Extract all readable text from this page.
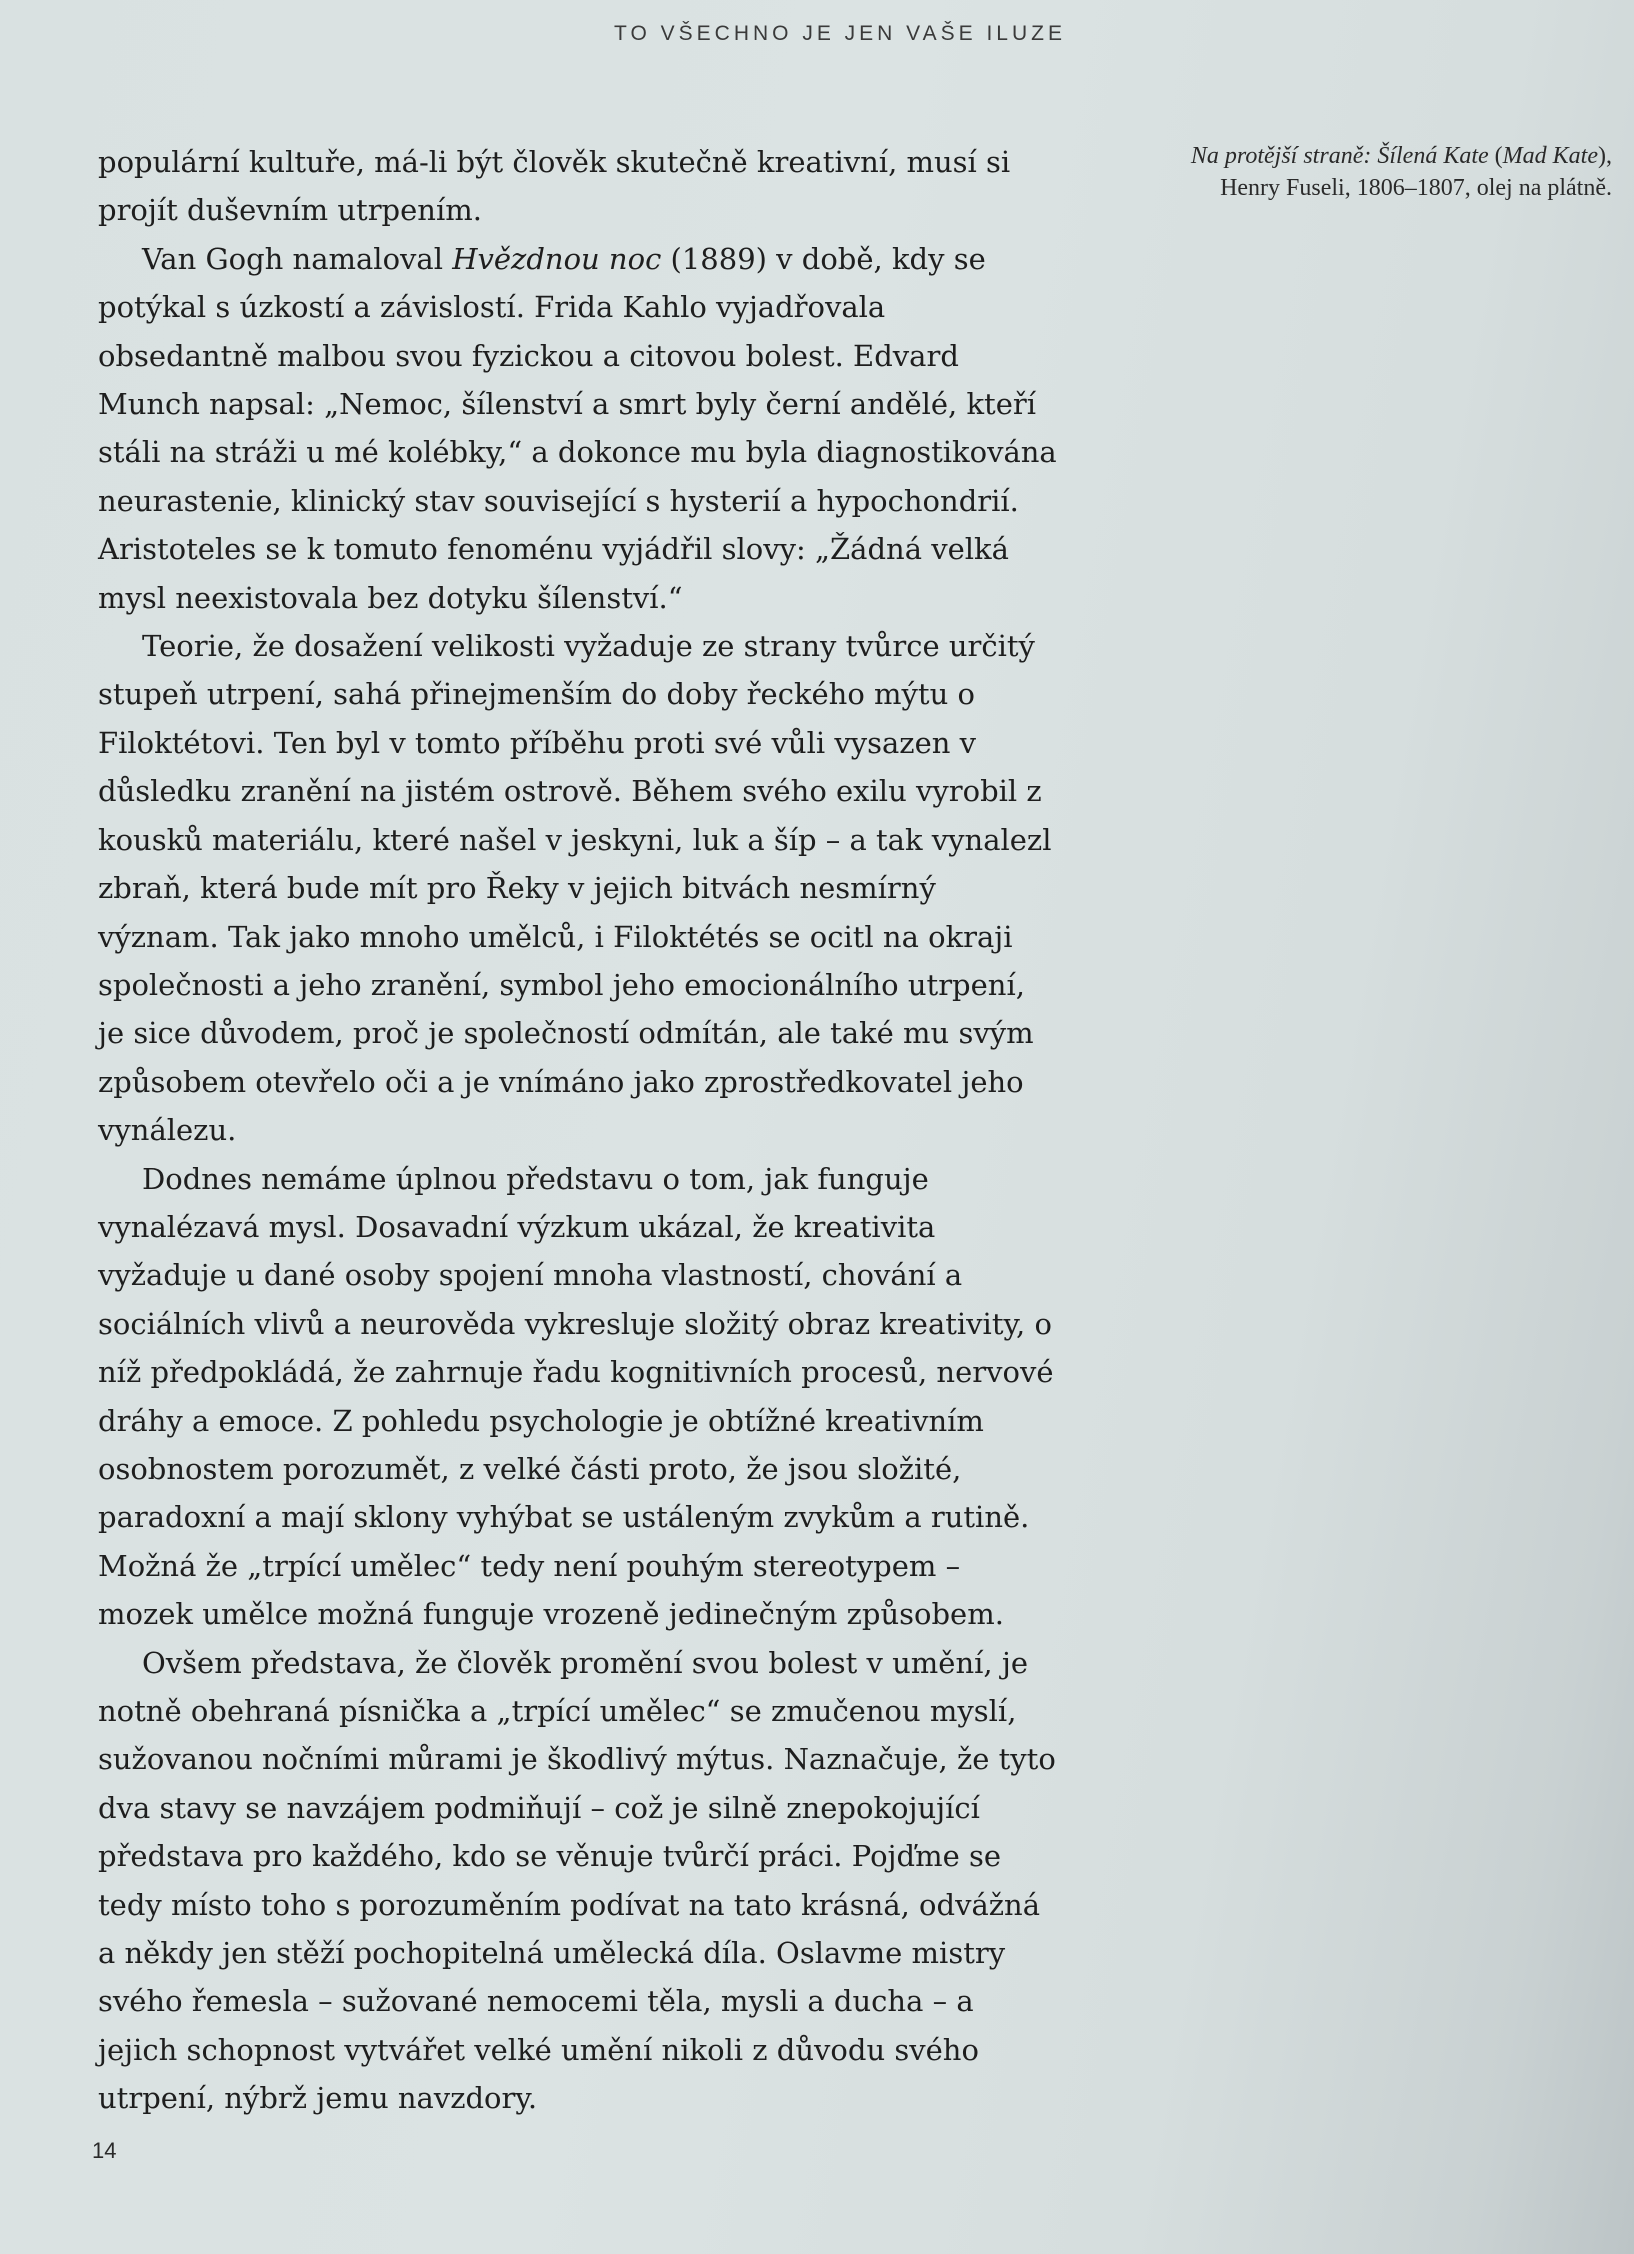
TO VŠECHNO JE JEN VAŠE ILUZE
Na protější straně: Šílená Kate (Mad Kate),
Henry Fuseli, 1806–1807, olej na plátně.

populární kultuře, má-li být člověk skutečně kreativní, musí si projít duševním utrpením.

Van Gogh namaloval Hvězdnou noc (1889) v době, kdy se potýkal s úzkostí a závislostí. Frida Kahlo vyjadřovala obsedantně malbou svou fyzickou a citovou bolest. Edvard Munch napsal: „Nemoc, šílenství a smrt byly černí andělé, kteří stáli na stráži u mé kolébky,“ a dokonce mu byla diagnostikována neurastenie, klinický stav související s hysterií a hypochondrií. Aristoteles se k tomuto fenoménu vyjádřil slovy: „Žádná velká mysl neexistovala bez dotyku šílenství.“

Teorie, že dosažení velikosti vyžaduje ze strany tvůrce určitý stupeň utrpení, sahá přinejmenším do doby řeckého mýtu o Filoktétovi. Ten byl v tomto příběhu proti své vůli vysazen v důsledku zranění na jistém ostrově. Během svého exilu vyrobil z kousků materiálu, které našel v jeskyni, luk a šíp – a tak vynalezl zbraň, která bude mít pro Řeky v jejich bitvách nesmírný význam. Tak jako mnoho umělců, i Filoktétés se ocitl na okraji společnosti a jeho zranění, symbol jeho emocionálního utrpení, je sice důvodem, proč je společností odmítán, ale také mu svým způsobem otevřelo oči a je vnímáno jako zprostředkovatel jeho vynálezu.

Dodnes nemáme úplnou představu o tom, jak funguje vynalézavá mysl. Dosavadní výzkum ukázal, že kreativita vyžaduje u dané osoby spojení mnoha vlastností, chování a sociálních vlivů a neurověda vykresluje složitý obraz kreativity, o níž předpokládá, že zahrnuje řadu kognitivních procesů, nervové dráhy a emoce. Z pohledu psychologie je obtížné kreativním osobnostem porozumět, z velké části proto, že jsou složité, paradoxní a mají sklony vyhýbat se ustáleným zvykům a rutině. Možná že „trpící umělec“ tedy není pouhým stereotypem – mozek umělce možná funguje vrozeně jedinečným způsobem.

Ovšem představa, že člověk promění svou bolest v umění, je notně obehraná písnička a „trpící umělec“ se zmučenou myslí, sužovanou nočními můrami je škodlivý mýtus. Naznačuje, že tyto dva stavy se navzájem podmiňují – což je silně znepokojující představa pro každého, kdo se věnuje tvůrčí práci. Pojďme se tedy místo toho s porozuměním podívat na tato krásná, odvážná a někdy jen stěží pochopitelná umělecká díla. Oslavme mistry svého řemesla – sužované nemocemi těla, mysli a ducha – a jejich schopnost vytvářet velké umění nikoli z důvodu svého utrpení, nýbrž jemu navzdory.

14
